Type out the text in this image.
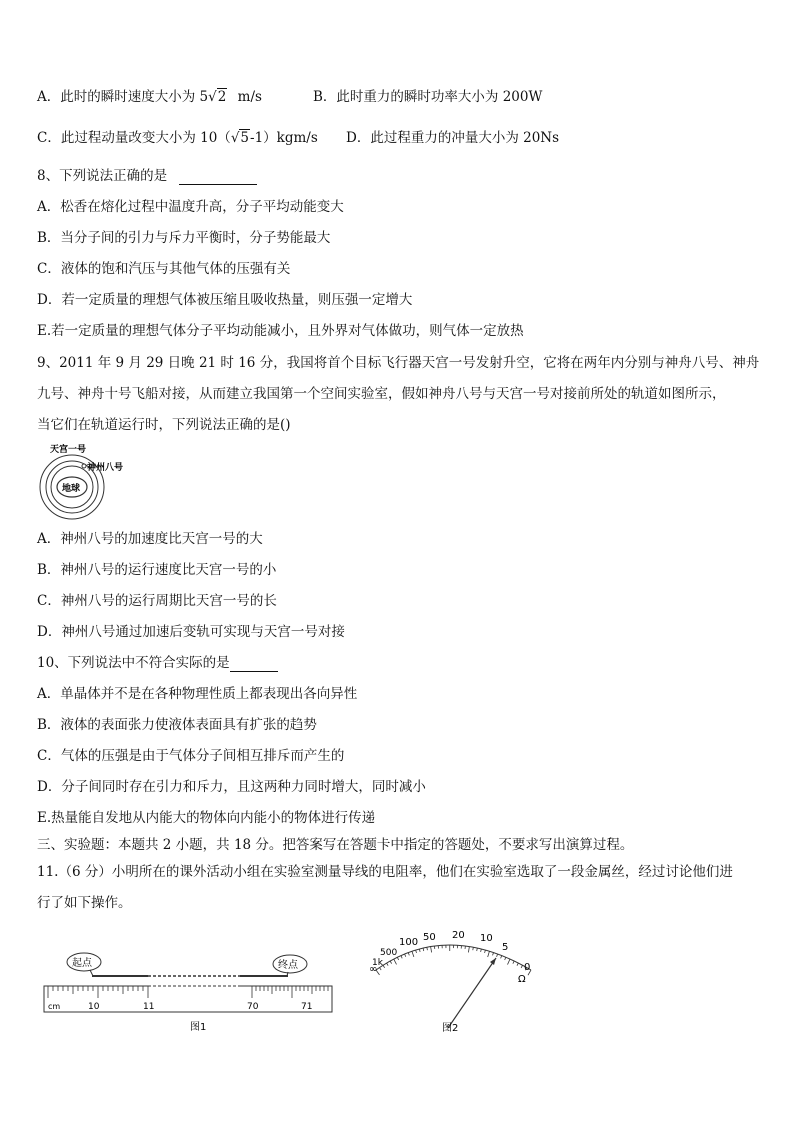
A．此时的瞬时速度大小为 5√2 m/s	B．此时重力的瞬时功率大小为 200W
C．此过程动量改变大小为 10（√5-1）kgm/s D．此过程重力的冲量大小为 20Ns
8、下列说法正确的是
A．松香在熔化过程中温度升高，分子平均动能变大
B．当分子间的引力与斥力平衡时，分子势能最大
C．液体的饱和汽压与其他气体的压强有关
D．若一定质量的理想气体被压缩且吸收热量，则压强一定增大
E.若一定质量的理想气体分子平均动能减小，且外界对气体做功，则气体一定放热
9、2011 年 9 月 29 日晚 21 时 16 分，我国将首个目标飞行器天宫一号发射升空，它将在两年内分别与神舟八号、神舟
九号、神舟十号飞船对接，从而建立我国第一个空间实验室，假如神舟八号与天宫一号对接前所处的轨道如图所示，
当它们在轨道运行时，下列说法正确的是()
天宫一号
神州八号
地球
A．神州八号的加速度比天宫一号的大
B．神州八号的运行速度比天宫一号的小
C．神州八号的运行周期比天宫一号的长
D．神州八号通过加速后变轨可实现与天宫一号对接
10、下列说法中不符合实际的是
A．单晶体并不是在各种物理性质上都表现出各向异性
B．液体的表面张力使液体表面具有扩张的趋势
C．气体的压强是由于气体分子间相互排斥而产生的
D．分子间同时存在引力和斥力，且这两种力同时增大，同时减小
E.热量能自发地从内能大的物体向内能小的物体进行传递
三、实验题：本题共 2 小题，共 18 分。把答案写在答题卡中指定的答题处，不要求写出演算过程。
11.（6 分）小明所在的课外活动小组在实验室测量导线的电阻率，他们在实验室选取了一段金属丝，经过讨论他们进
行了如下操作。
起点	终点
cm	10	11	70	71
图1
∞
1k
500
100 50 20 10
5
0
Ω
图2
